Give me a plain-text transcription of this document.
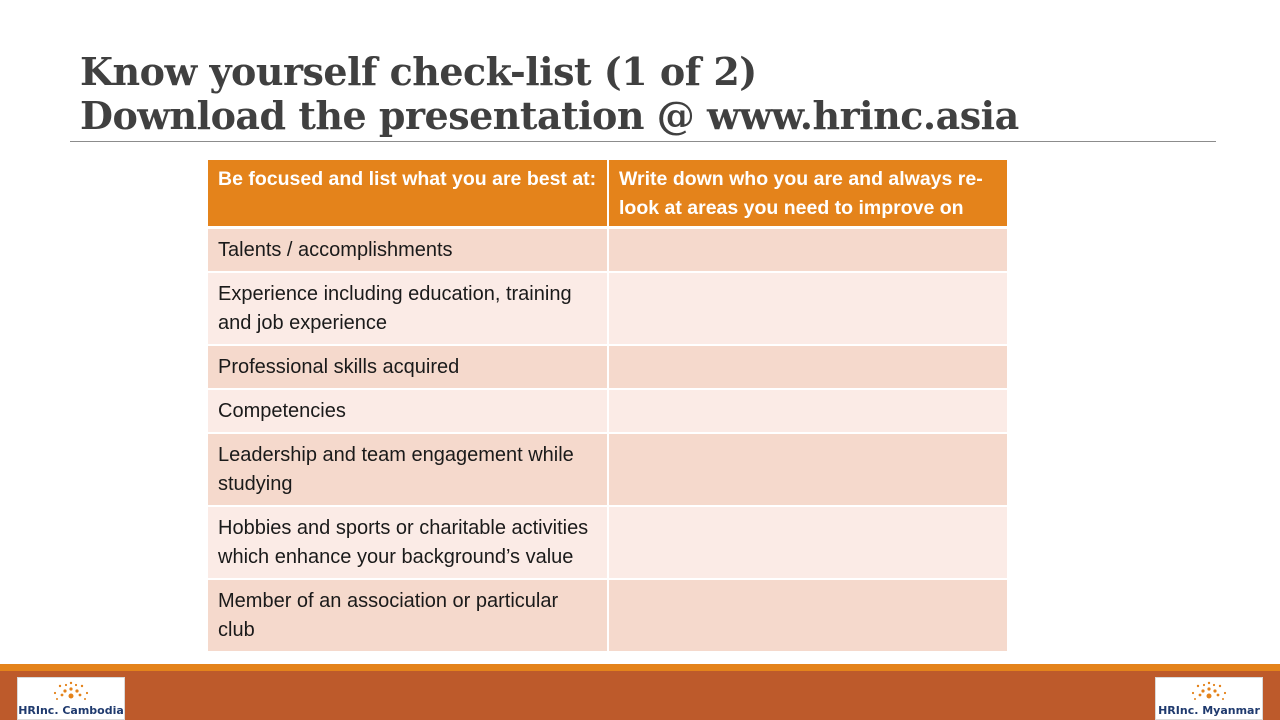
Know yourself check-list (1 of 2)
Download the presentation @ www.hrinc.asia
Be focused and list what you are best at:	Write down who you are and always re-look at areas you need to improve on
Talents / accomplishments	
Experience including education, training and job experience	
Professional skills acquired	
Competencies	
Leadership and team engagement while studying	
Hobbies and sports or charitable activities which enhance your background’s value	
Member of an association or particular club	
HRInc. Cambodia	HRInc. Myanmar
